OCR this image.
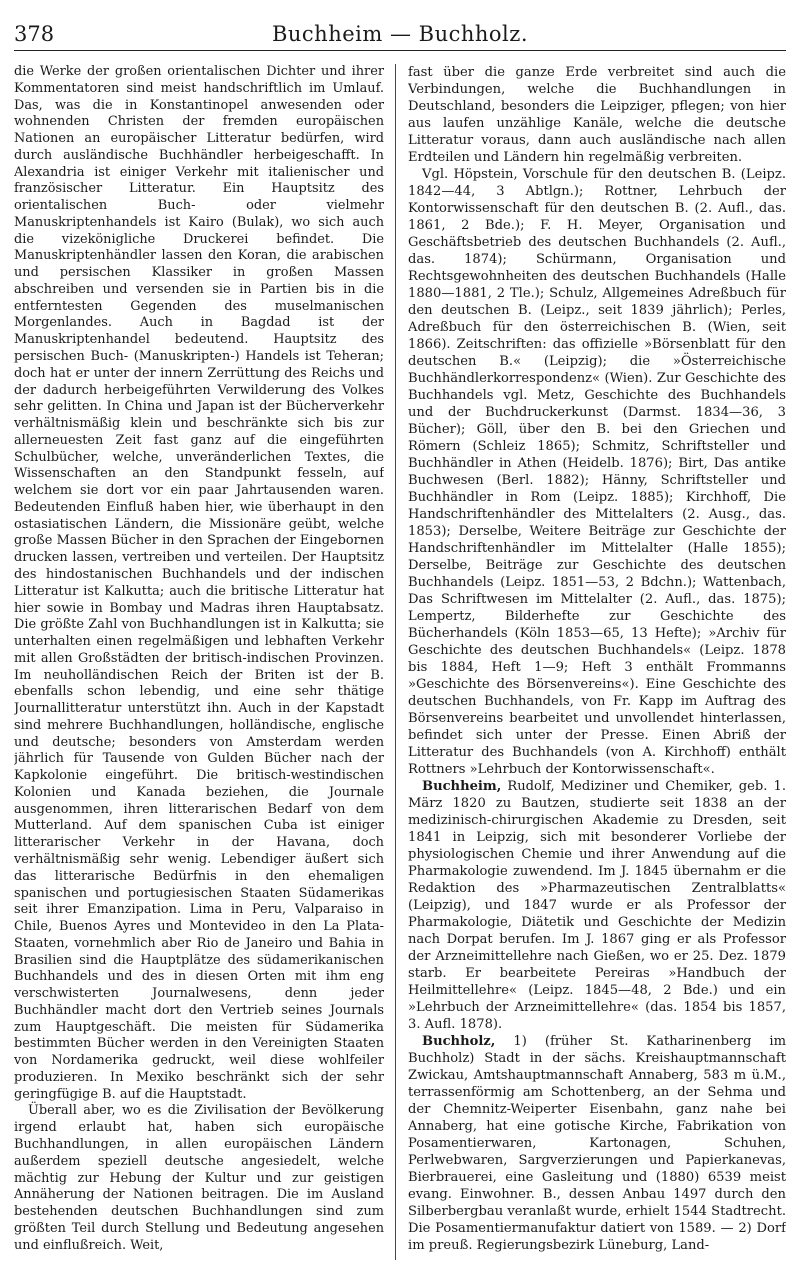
378	Buchheim — Buchholz.

die Werke der großen orientalischen Dichter und ihrer Kommentatoren sind meist handschriftlich im Umlauf. Das, was die in Konstantinopel anwesenden oder wohnenden Christen der fremden europäischen Nationen an europäischer Litteratur bedürfen, wird durch ausländische Buchhändler herbeigeschafft. In Alexandria ist einiger Verkehr mit italienischer und französischer Litteratur. Ein Hauptsitz des orientalischen Buch- oder vielmehr Manuskriptenhandels ist Kairo (Bulak), wo sich auch die vizekönigliche Druckerei befindet. Die Manuskriptenhändler lassen den Koran, die arabischen und persischen Klassiker in großen Massen abschreiben und versenden sie in Partien bis in die entferntesten Gegenden des muselmanischen Morgenlandes. Auch in Bagdad ist der Manuskriptenhandel bedeutend. Hauptsitz des persischen Buch- (Manuskripten-) Handels ist Teheran; doch hat er unter der innern Zerrüttung des Reichs und der dadurch herbeigeführten Verwilderung des Volkes sehr gelitten. In China und Japan ist der Bücherverkehr verhältnismäßig klein und beschränkte sich bis zur allerneuesten Zeit fast ganz auf die eingeführten Schulbücher, welche, unveränderlichen Textes, die Wissenschaften an den Standpunkt fesseln, auf welchem sie dort vor ein paar Jahrtausenden waren. Bedeutenden Einfluß haben hier, wie überhaupt in den ostasiatischen Ländern, die Missionäre geübt, welche große Massen Bücher in den Sprachen der Eingebornen drucken lassen, vertreiben und verteilen. Der Hauptsitz des hindostanischen Buchhandels und der indischen Litteratur ist Kalkutta; auch die britische Litteratur hat hier sowie in Bombay und Madras ihren Hauptabsatz. Die größte Zahl von Buchhandlungen ist in Kalkutta; sie unterhalten einen regelmäßigen und lebhaften Verkehr mit allen Großstädten der britisch-indischen Provinzen. Im neuholländischen Reich der Briten ist der B. ebenfalls schon lebendig, und eine sehr thätige Journallitteratur unterstützt ihn. Auch in der Kapstadt sind mehrere Buchhandlungen, holländische, englische und deutsche; besonders von Amsterdam werden jährlich für Tausende von Gulden Bücher nach der Kapkolonie eingeführt. Die britisch-westindischen Kolonien und Kanada beziehen, die Journale ausgenommen, ihren litterarischen Bedarf von dem Mutterland. Auf dem spanischen Cuba ist einiger litterarischer Verkehr in der Havana, doch verhältnismäßig sehr wenig. Lebendiger äußert sich das litterarische Bedürfnis in den ehemaligen spanischen und portugiesischen Staaten Südamerikas seit ihrer Emanzipation. Lima in Peru, Valparaiso in Chile, Buenos Ayres und Montevideo in den La Plata-Staaten, vornehmlich aber Rio de Janeiro und Bahia in Brasilien sind die Hauptplätze des südamerikanischen Buchhandels und des in diesen Orten mit ihm eng verschwisterten Journalwesens, denn jeder Buchhändler macht dort den Vertrieb seines Journals zum Hauptgeschäft. Die meisten für Südamerika bestimmten Bücher werden in den Vereinigten Staaten von Nordamerika gedruckt, weil diese wohlfeiler produzieren. In Mexiko beschränkt sich der sehr geringfügige B. auf die Hauptstadt.

Überall aber, wo es die Zivilisation der Bevölkerung irgend erlaubt hat, haben sich europäische Buchhandlungen, in allen europäischen Ländern außerdem speziell deutsche angesiedelt, welche mächtig zur Hebung der Kultur und zur geistigen Annäherung der Nationen beitragen. Die im Ausland bestehenden deutschen Buchhandlungen sind zum größten Teil durch Stellung und Bedeutung angesehen und einflußreich. Weit,

fast über die ganze Erde verbreitet sind auch die Verbindungen, welche die Buchhandlungen in Deutschland, besonders die Leipziger, pflegen; von hier aus laufen unzählige Kanäle, welche die deutsche Litteratur voraus, dann auch ausländische nach allen Erdteilen und Ländern hin regelmäßig verbreiten.

Vgl. Höpstein, Vorschule für den deutschen B. (Leipz. 1842—44, 3 Abtlgn.); Rottner, Lehrbuch der Kontorwissenschaft für den deutschen B. (2. Aufl., das. 1861, 2 Bde.); F. H. Meyer, Organisation und Geschäftsbetrieb des deutschen Buchhandels (2. Aufl., das. 1874); Schürmann, Organisation und Rechtsgewohnheiten des deutschen Buchhandels (Halle 1880—1881, 2 Tle.); Schulz, Allgemeines Adreßbuch für den deutschen B. (Leipz., seit 1839 jährlich); Perles, Adreßbuch für den österreichischen B. (Wien, seit 1866). Zeitschriften: das offizielle »Börsenblatt für den deutschen B.« (Leipzig); die »Österreichische Buchhändlerkorrespondenz« (Wien). Zur Geschichte des Buchhandels vgl. Metz, Geschichte des Buchhandels und der Buchdruckerkunst (Darmst. 1834—36, 3 Bücher); Göll, über den B. bei den Griechen und Römern (Schleiz 1865); Schmitz, Schriftsteller und Buchhändler in Athen (Heidelb. 1876); Birt, Das antike Buchwesen (Berl. 1882); Hänny, Schriftsteller und Buchhändler in Rom (Leipz. 1885); Kirchhoff, Die Handschriftenhändler des Mittelalters (2. Ausg., das. 1853); Derselbe, Weitere Beiträge zur Geschichte der Handschriftenhändler im Mittelalter (Halle 1855); Derselbe, Beiträge zur Geschichte des deutschen Buchhandels (Leipz. 1851—53, 2 Bdchn.); Wattenbach, Das Schriftwesen im Mittelalter (2. Aufl., das. 1875); Lempertz, Bilderhefte zur Geschichte des Bücherhandels (Köln 1853—65, 13 Hefte); »Archiv für Geschichte des deutschen Buchhandels« (Leipz. 1878 bis 1884, Heft 1—9; Heft 3 enthält Frommanns »Geschichte des Börsenvereins«). Eine Geschichte des deutschen Buchhandels, von Fr. Kapp im Auftrag des Börsenvereins bearbeitet und unvollendet hinterlassen, befindet sich unter der Presse. Einen Abriß der Litteratur des Buchhandels (von A. Kirchhoff) enthält Rottners »Lehrbuch der Kontorwissenschaft«.

Buchheim, Rudolf, Mediziner und Chemiker, geb. 1. März 1820 zu Bautzen, studierte seit 1838 an der medizinisch-chirurgischen Akademie zu Dresden, seit 1841 in Leipzig, sich mit besonderer Vorliebe der physiologischen Chemie und ihrer Anwendung auf die Pharmakologie zuwendend. Im J. 1845 übernahm er die Redaktion des »Pharmazeutischen Zentralblatts« (Leipzig), und 1847 wurde er als Professor der Pharmakologie, Diätetik und Geschichte der Medizin nach Dorpat berufen. Im J. 1867 ging er als Professor der Arzneimittellehre nach Gießen, wo er 25. Dez. 1879 starb. Er bearbeitete Pereiras »Handbuch der Heilmittellehre« (Leipz. 1845—48, 2 Bde.) und ein »Lehrbuch der Arzneimittellehre« (das. 1854 bis 1857, 3. Aufl. 1878).

Buchholz, 1) (früher St. Katharinenberg im Buchholz) Stadt in der sächs. Kreishauptmannschaft Zwickau, Amtshauptmannschaft Annaberg, 583 m ü.M., terrassenförmig am Schottenberg, an der Sehma und der Chemnitz-Weiperter Eisenbahn, ganz nahe bei Annaberg, hat eine gotische Kirche, Fabrikation von Posamentierwaren, Kartonagen, Schuhen, Perlwebwaren, Sargverzierungen und Papierkanevas, Bierbrauerei, eine Gasleitung und (1880) 6539 meist evang. Einwohner. B., dessen Anbau 1497 durch den Silberbergbau veranlaßt wurde, erhielt 1544 Stadtrecht. Die Posamentiermanufaktur datiert von 1589. — 2) Dorf im preuß. Regierungsbezirk Lüneburg, Land-
